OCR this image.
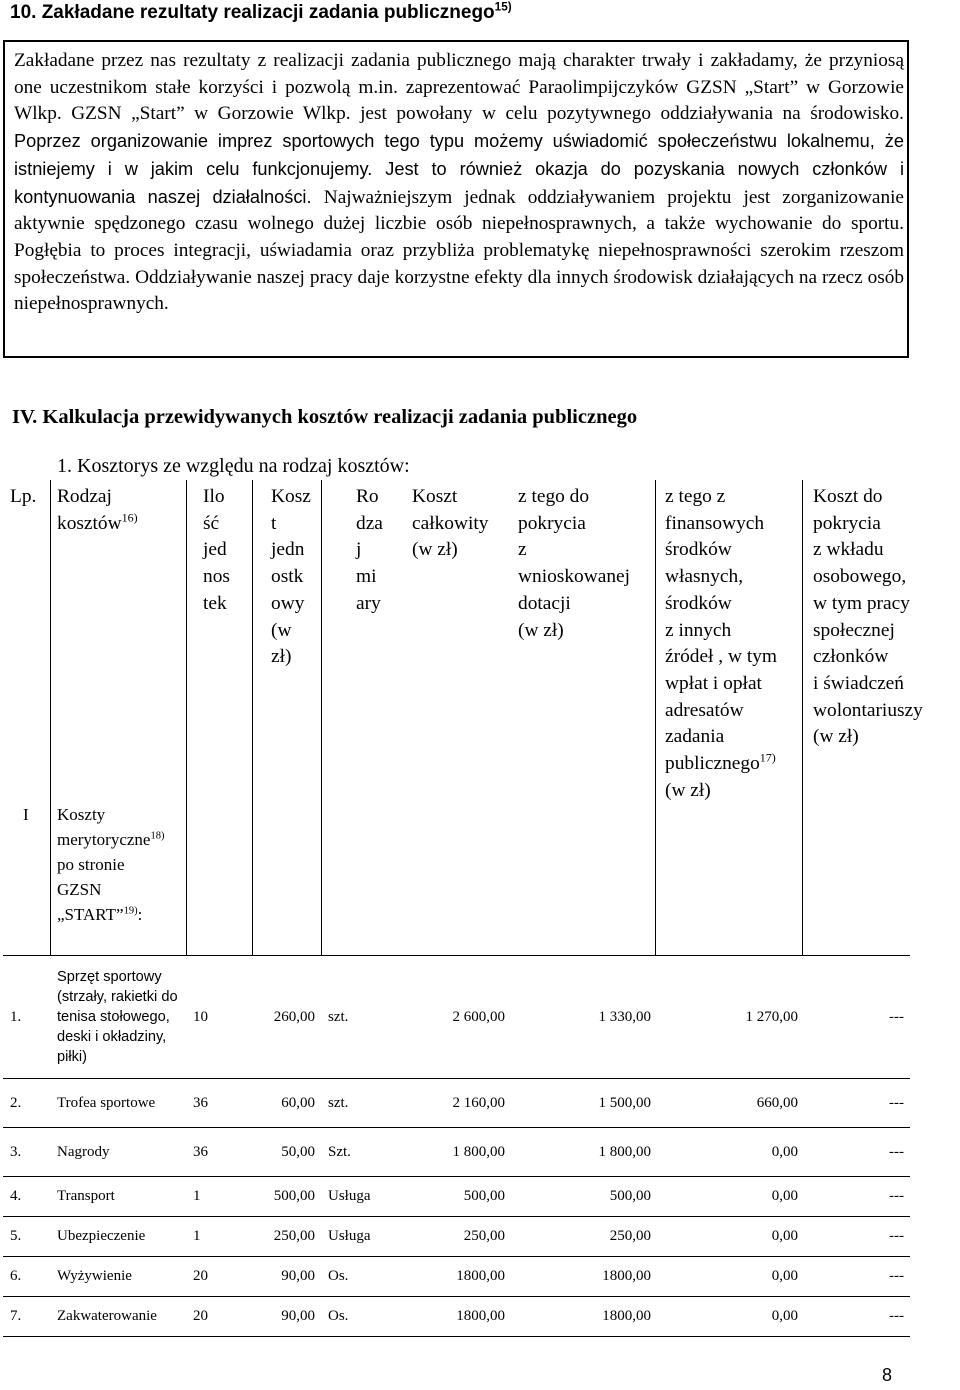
10. Zakładane rezultaty realizacji zadania publicznego$^{15)}$
Zakładane przez nas rezultaty z realizacji zadania publicznego mają charakter trwały i zakładamy, że przyniosą one uczestnikom stałe korzyści i pozwolą m.in. zaprezentować Paraolimpijczyków GZSN „Start” w Gorzowie Wlkp. GZSN „Start” w Gorzowie Wlkp. jest powołany w celu pozytywnego oddziaływania na środowisko. Poprzez organizowanie imprez sportowych tego typu możemy uświadomić społeczeństwu lokalnemu, że istniejemy i w jakim celu funkcjonujemy. Jest to również okazja do pozyskania nowych członków i kontynuowania naszej działalności. Najważniejszym jednak oddziaływaniem projektu jest zorganizowanie aktywnie spędzonego czasu wolnego dużej liczbie osób niepełnosprawnych, a także wychowanie do sportu. Pogłębia to proces integracji, uświadamia oraz przybliża problematykę niepełnosprawności szerokim rzeszom społeczeństwa. Oddziaływanie naszej pracy daje korzystne efekty dla innych środowisk działających na rzecz osób niepełnosprawnych.
IV. Kalkulacja przewidywanych kosztów realizacji zadania publicznego
1. Kosztorys ze względu na rodzaj kosztów:
Lp. Rodzaj
kosztów$^{16)}$
Ilo
ść
jed
nos
tek

Kosz
t
jedn
ostk
owy
(w
zł)

Ro
dza
j
mi
ary

Koszt
całkowity
(w zł)

z tego do
pokrycia
z
wnioskowanej
dotacji
(w zł)

z tego z
finansowych
środków
własnych,
środków
z innych
źródeł , w tym
wpłat i opłat
adresatów
zadania
publicznego$^{17)}$
(w zł)

Koszt do
pokrycia
z wkładu
osobowego,
w tym pracy
społecznej
członków
i świadczeń
wolontariuszy
(w zł)

I Koszty
merytoryczne$^{18)}$
po stronie
GZSN
„START”$^{19)}$:
1.	Sprzęt sportowy (strzały, rakietki do tenisa stołowego, deski i okładziny, piłki)	10	260,00	szt.	2 600,00	1 330,00	1 270,00	---
2.	Trofea sportowe	36	60,00	szt.	2 160,00	1 500,00	660,00	---
3.	Nagrody	36	50,00	Szt.	1 800,00	1 800,00	0,00	---
4.	Transport	1	500,00	Usługa	500,00	500,00	0,00	---
5.	Ubezpieczenie	1	250,00	Usługa	250,00	250,00	0,00	---
6.	Wyżywienie	20	90,00	Os.	1800,00	1800,00	0,00	---
7.	Zakwaterowanie	20	90,00	Os.	1800,00	1800,00	0,00	---
8
